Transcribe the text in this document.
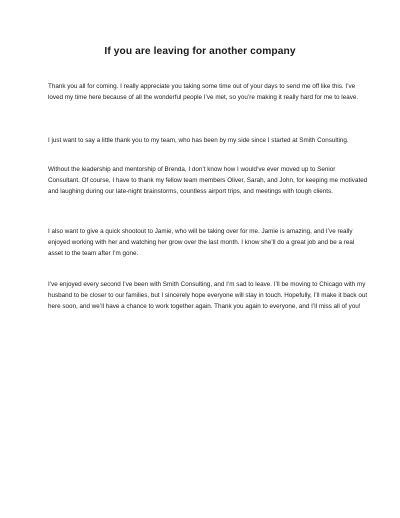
If you are leaving for another company

Thank you all for coming. I really appreciate you taking some time out of your days to send me off like this. I’ve loved my time here because of all the wonderful people I’ve met, so you’re making it really hard for me to leave.

I just want to say a little thank you to my team, who has been by my side since I started at Smith Consulting.

Without the leadership and mentorship of Brenda, I don’t know how I would’ve ever moved up to Senior Consultant. Of course, I have to thank my fellow team members Oliver, Sarah, and John, for keeping me motivated and laughing during our late-night brainstorms, countless airport trips, and meetings with tough clients.

I also want to give a quick shootout to Jamie, who will be taking over for me. Jamie is amazing, and I’ve really enjoyed working with her and watching her grow over the last month. I know she’ll do a great job and be a real asset to the team after I’m gone.

I’ve enjoyed every second I’ve been with Smith Consulting, and I’m sad to leave. I’ll be moving to Chicago with my husband to be closer to our families, but I sincerely hope everyone will stay in touch. Hopefully, I’ll make it back out here soon, and we’ll have a chance to work together again. Thank you again to everyone, and I’ll miss all of you!
